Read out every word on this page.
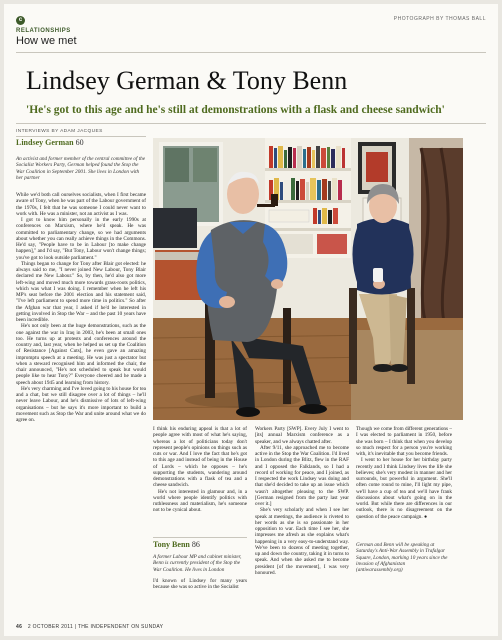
c
RELATIONSHIPS
How we met
PHOTOGRAPH BY THOMAS BALL
Lindsey German & Tony Benn
'He's got to this age and he's still at demonstrations with a flask and cheese sandwich'
INTERVIEWS BY ADAM JACQUES
Lindsey German 60
An activist and former member of the central committee of the Socialist Workers Party, German helped found the Stop the War Coalition in September 2001. She lives in London with her partner

While we'd both call ourselves socialists, when I first became aware of Tony, when he was part of the Labour government of the 1970s, I felt that he was someone I could never want to work with. He was a minister, not an activist as I was.

I got to know him personally in the early 1990s at conferences on Marxism, where he'd speak. He was committed to parliamentary change, so we had arguments about whether you can really achieve things in the Commons. He'd say, "People have to be in Labour [to make change happen]," and I'd say, "But Tony, Labour won't change things; you've got to look outside parliament."

Things began to change for Tony after Blair got elected: he always said to me, "I never joined New Labour, Tony Blair declared me New Labour." So, by then, he'd also got more left-wing and moved much more towards grass-roots politics, which was what I was doing. I remember when he left his MP's seat before the 2001 election and his statement said, "I've left parliament to spend more time in politics." So after the Afghan war that year, I asked if he'd be interested in getting involved in Stop the War – and the past 10 years have been incredible.

He's not only been at the huge demonstrations, such as the one against the war in Iraq in 2003, he's been at small ones too. He turns up at protests and conferences around the country and, last year, when he helped us set up the Coalition of Resistance [Against Cuts], he even gave an amazing impromptu speech at a meeting. He was just a spectator but when a steward recognised him and informed the chair, the chair announced, "He's not scheduled to speak but would people like to hear Tony?" Everyone cheered and he made a speech about 1945 and learning from history.

He's very charming and I've loved going to his house for tea and a chat, but we still disagree over a lot of things – he'll never leave Labour, and he's dismissive of lots of left-wing organisations – but he says it's more important to build a movement such as Stop the War and unite around what we do agree on.

I think his enduring appeal is that a lot of people agree with most of what he's saying, whereas a lot of politicians today don't represent people's opinions on things such as cuts or war. And I love the fact that he's got to this age and instead of being in the House of Lords – which he opposes – he's supporting the students, wandering around demonstrations with a flask of tea and a cheese sandwich.

He's not interested in glamour and, in a world where people identify politics with ruthlessness and materialism, he's someone not to be cynical about.

Tony Benn 86
A former Labour MP and cabinet minister, Benn is currently president of the Stop the War Coalition. He lives in London

I'd known of Lindsey for many years because she was so active in the Socialist

Workers Party [SWP]. Every July I went to [its] annual Marxism conference as a speaker, and we always chatted after.

After 9/11, she approached me to become active in the Stop the War Coalition. I'd lived in London during the Blitz, flew in the RAF and I opposed the Falklands, so I had a record of working for peace, and I joined, as I respected the work Lindsey was doing and that she'd decided to take up an issue which wasn't altogether pleasing to the SWP. [German resigned from the party last year over it.]

She's very scholarly and when I see her speak at meetings, the audience is riveted to her words as she is so passionate in her opposition to war. Each time I see her, she impresses me afresh as she explains what's happening in a very easy-to-understand way. We've been to dozens of meeting together, up and down the country, taking it in turns to speak. And when she asked me to become president [of the movement], I was very honoured.

Though we come from different generations – I was elected to parliament in 1950, before she was born – I think that when you develop so much respect for a person you're working with, it's inevitable that you become friends.

I went to her house for her birthday party recently and I think Lindsey lives the life she believes; she's very modest in manner and her surrounds, but powerful in argument. She'll often come round to mine, I'll light my pipe, we'll have a cup of tea and we'll have frank discussions about what's going on in the world. But while there are differences in our outlook, there is no disagreement on the question of the peace campaign. ●

German and Benn will be speaking at Saturday's Anti-War Assembly in Trafalgar Square, London, marking 10 years since the invasion of Afghanistan (antiwarassembly.org)
46 2 OCTOBER 2011 | THE INDEPENDENT ON SUNDAY
